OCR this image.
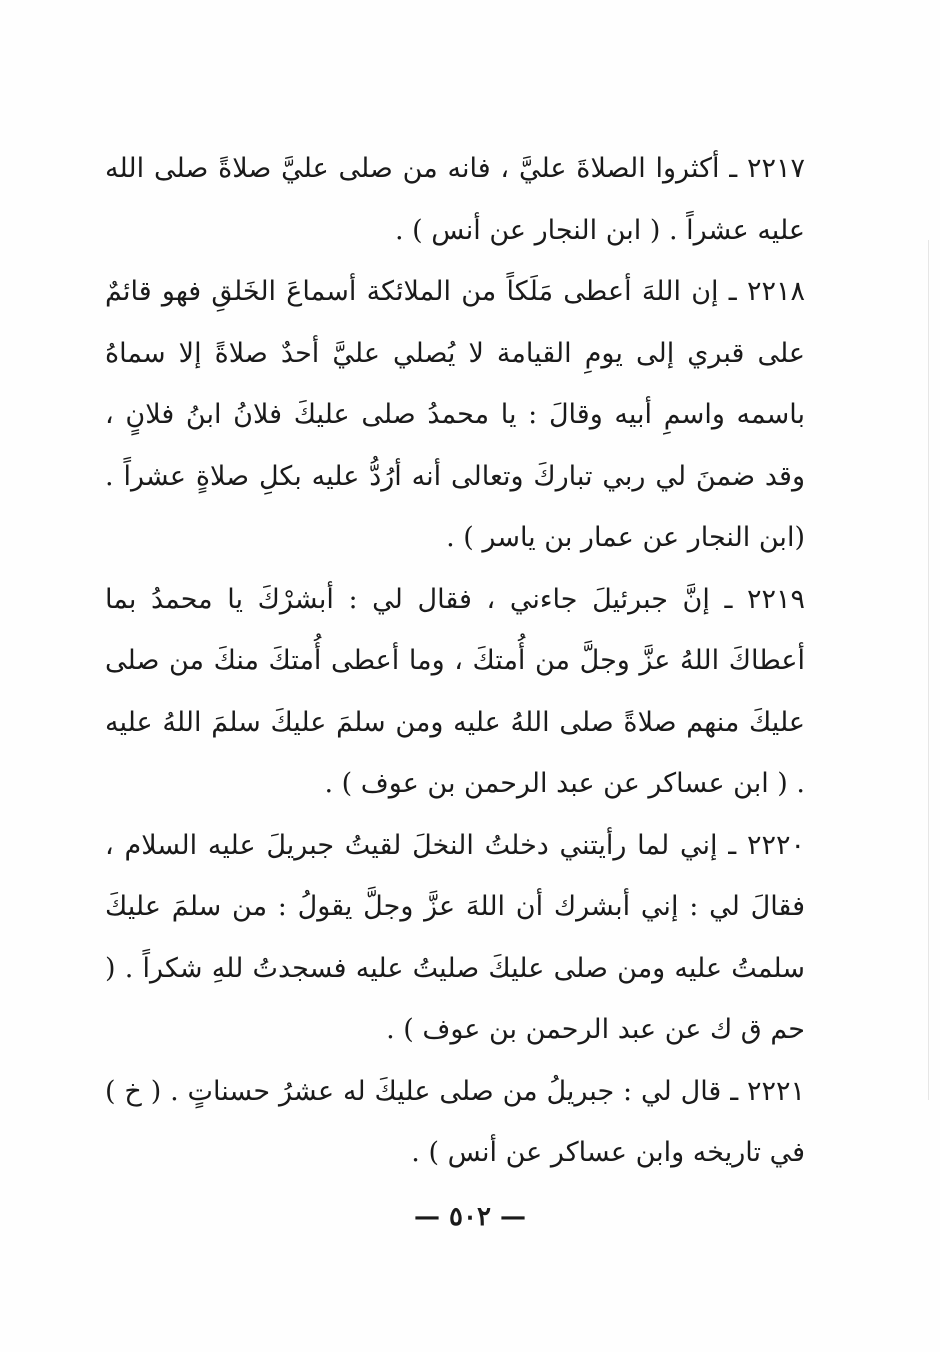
٢٢١٧ ـ أكثروا الصلاةَ عليَّ ، فانه من صلى عليَّ صلاةً صلى الله عليه عشراً . ( ابن النجار عن أنس ) .

٢٢١٨ ـ إن اللهَ أعطى مَلَكاً من الملائكة أسماعَ الخَلقِ فهو قائمٌ على قبري إلى يومِ القيامة لا يُصلي عليَّ أحدٌ صلاةً إلا سماهُ باسمه واسمِ أبيه وقالَ : يا محمدُ صلى عليكَ فلانُ ابنُ فلانٍ ، وقد ضمنَ لي ربي تباركَ وتعالى أنه أرُدُّ عليه بكلِ صلاةٍ عشراً . (ابن النجار عن عمار بن ياسر ) .

٢٢١٩ ـ إنَّ جبرئيلَ جاءني ، فقال لي : أبشرْكَ يا محمدُ بما أعطاكَ اللهُ عزَّ وجلَّ من أُمتكَ ، وما أعطى أُمتكَ منكَ من صلى عليكَ منهم صلاةً صلى اللهُ عليه ومن سلمَ عليكَ سلمَ اللهُ عليه . ( ابن عساكر عن عبد الرحمن بن عوف ) .

٢٢٢٠ ـ إني لما رأيتني دخلتُ النخلَ لقيتُ جبريلَ عليه السلام ، فقالَ لي : إني أبشرك أن اللهَ عزَّ وجلَّ يقولُ : من سلمَ عليكَ سلمتُ عليه ومن صلى عليكَ صليتُ عليه فسجدتُ للهِ شكراً . ( حم ق ك عن عبد الرحمن بن عوف ) .

٢٢٢١ ـ قال لي : جبريلُ من صلى عليكَ له عشرُ حسناتٍ . ( خ ) في تاريخه وابن عساكر عن أنس ) .

— ٥٠٢ —
